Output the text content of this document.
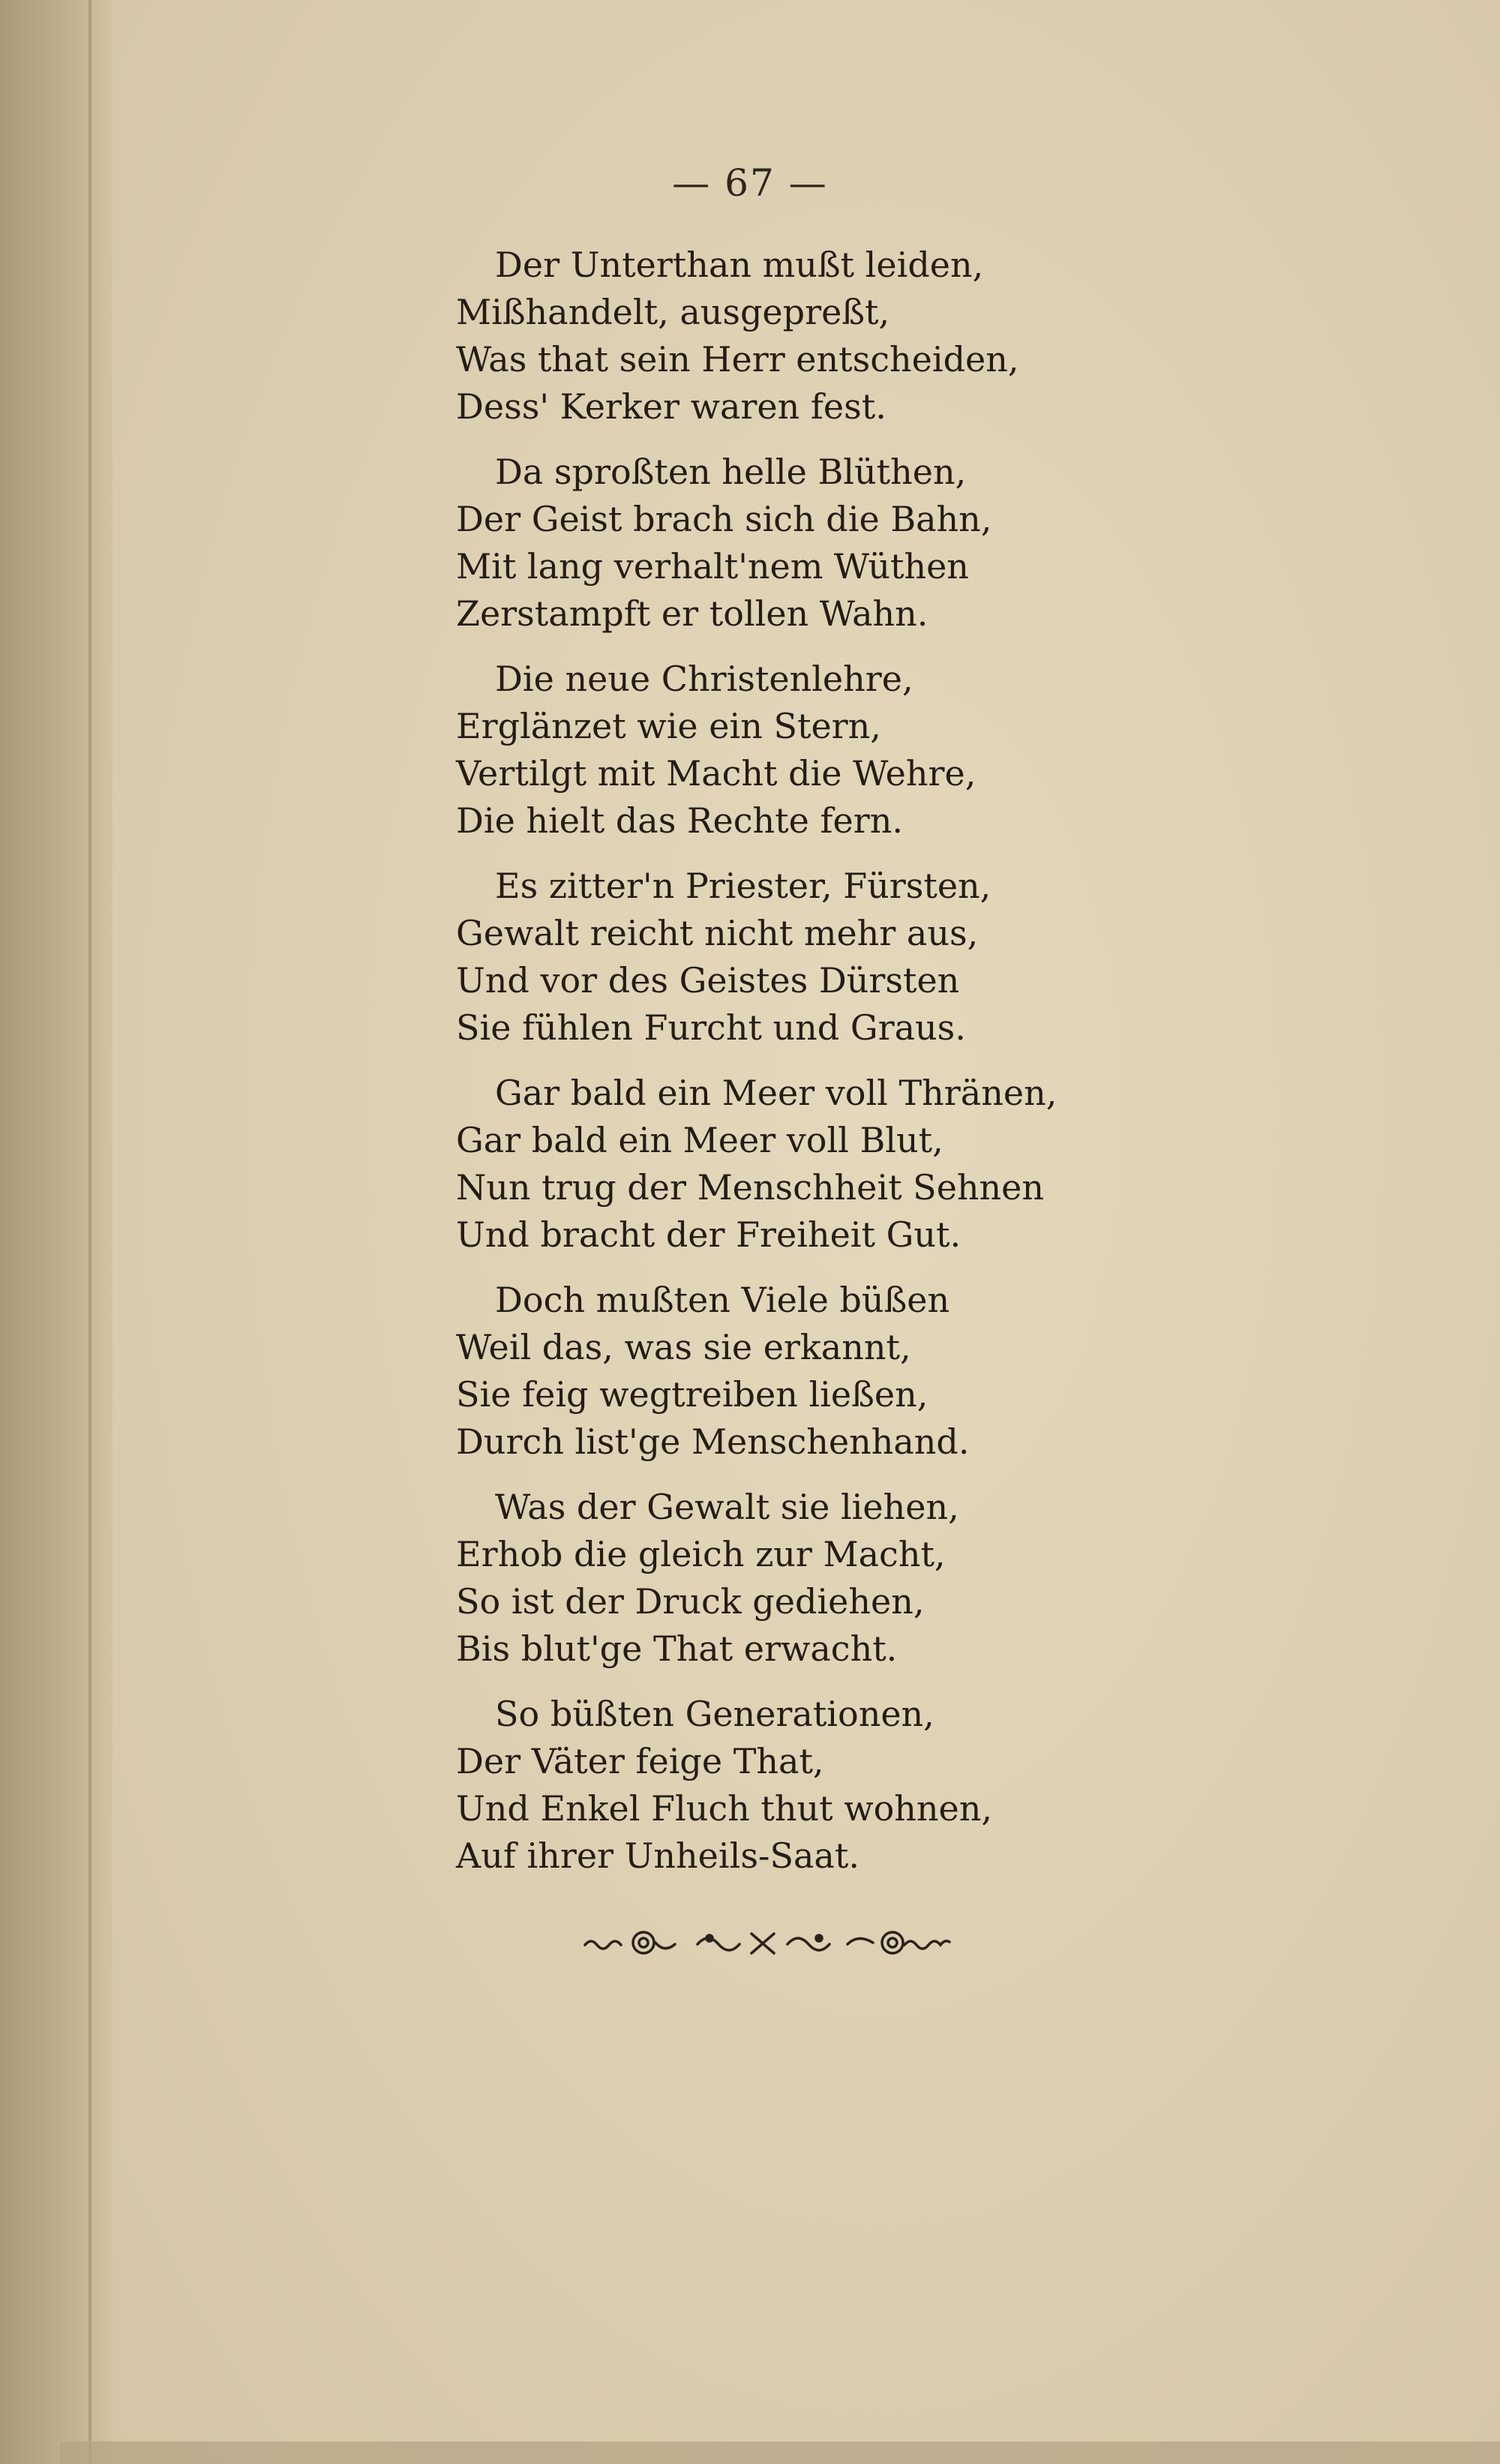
— 67 —
Der Unterthan mußt leiden,
Mißhandelt, ausgepreßt,
Was that sein Herr entscheiden,
Dess' Kerker waren fest.
Da sproßten helle Blüthen,
Der Geist brach sich die Bahn,
Mit lang verhalt'nem Wüthen
Zerstampft er tollen Wahn.
Die neue Christenlehre,
Erglänzet wie ein Stern,
Vertilgt mit Macht die Wehre,
Die hielt das Rechte fern.
Es zitter'n Priester, Fürsten,
Gewalt reicht nicht mehr aus,
Und vor des Geistes Dürsten
Sie fühlen Furcht und Graus.
Gar bald ein Meer voll Thränen,
Gar bald ein Meer voll Blut,
Nun trug der Menschheit Sehnen
Und bracht der Freiheit Gut.
Doch mußten Viele büßen
Weil das, was sie erkannt,
Sie feig wegtreiben ließen,
Durch list'ge Menschenhand.
Was der Gewalt sie liehen,
Erhob die gleich zur Macht,
So ist der Druck gediehen,
Bis blut'ge That erwacht.
So büßten Generationen,
Der Väter feige That,
Und Enkel Fluch thut wohnen,
Auf ihrer Unheils-Saat.
